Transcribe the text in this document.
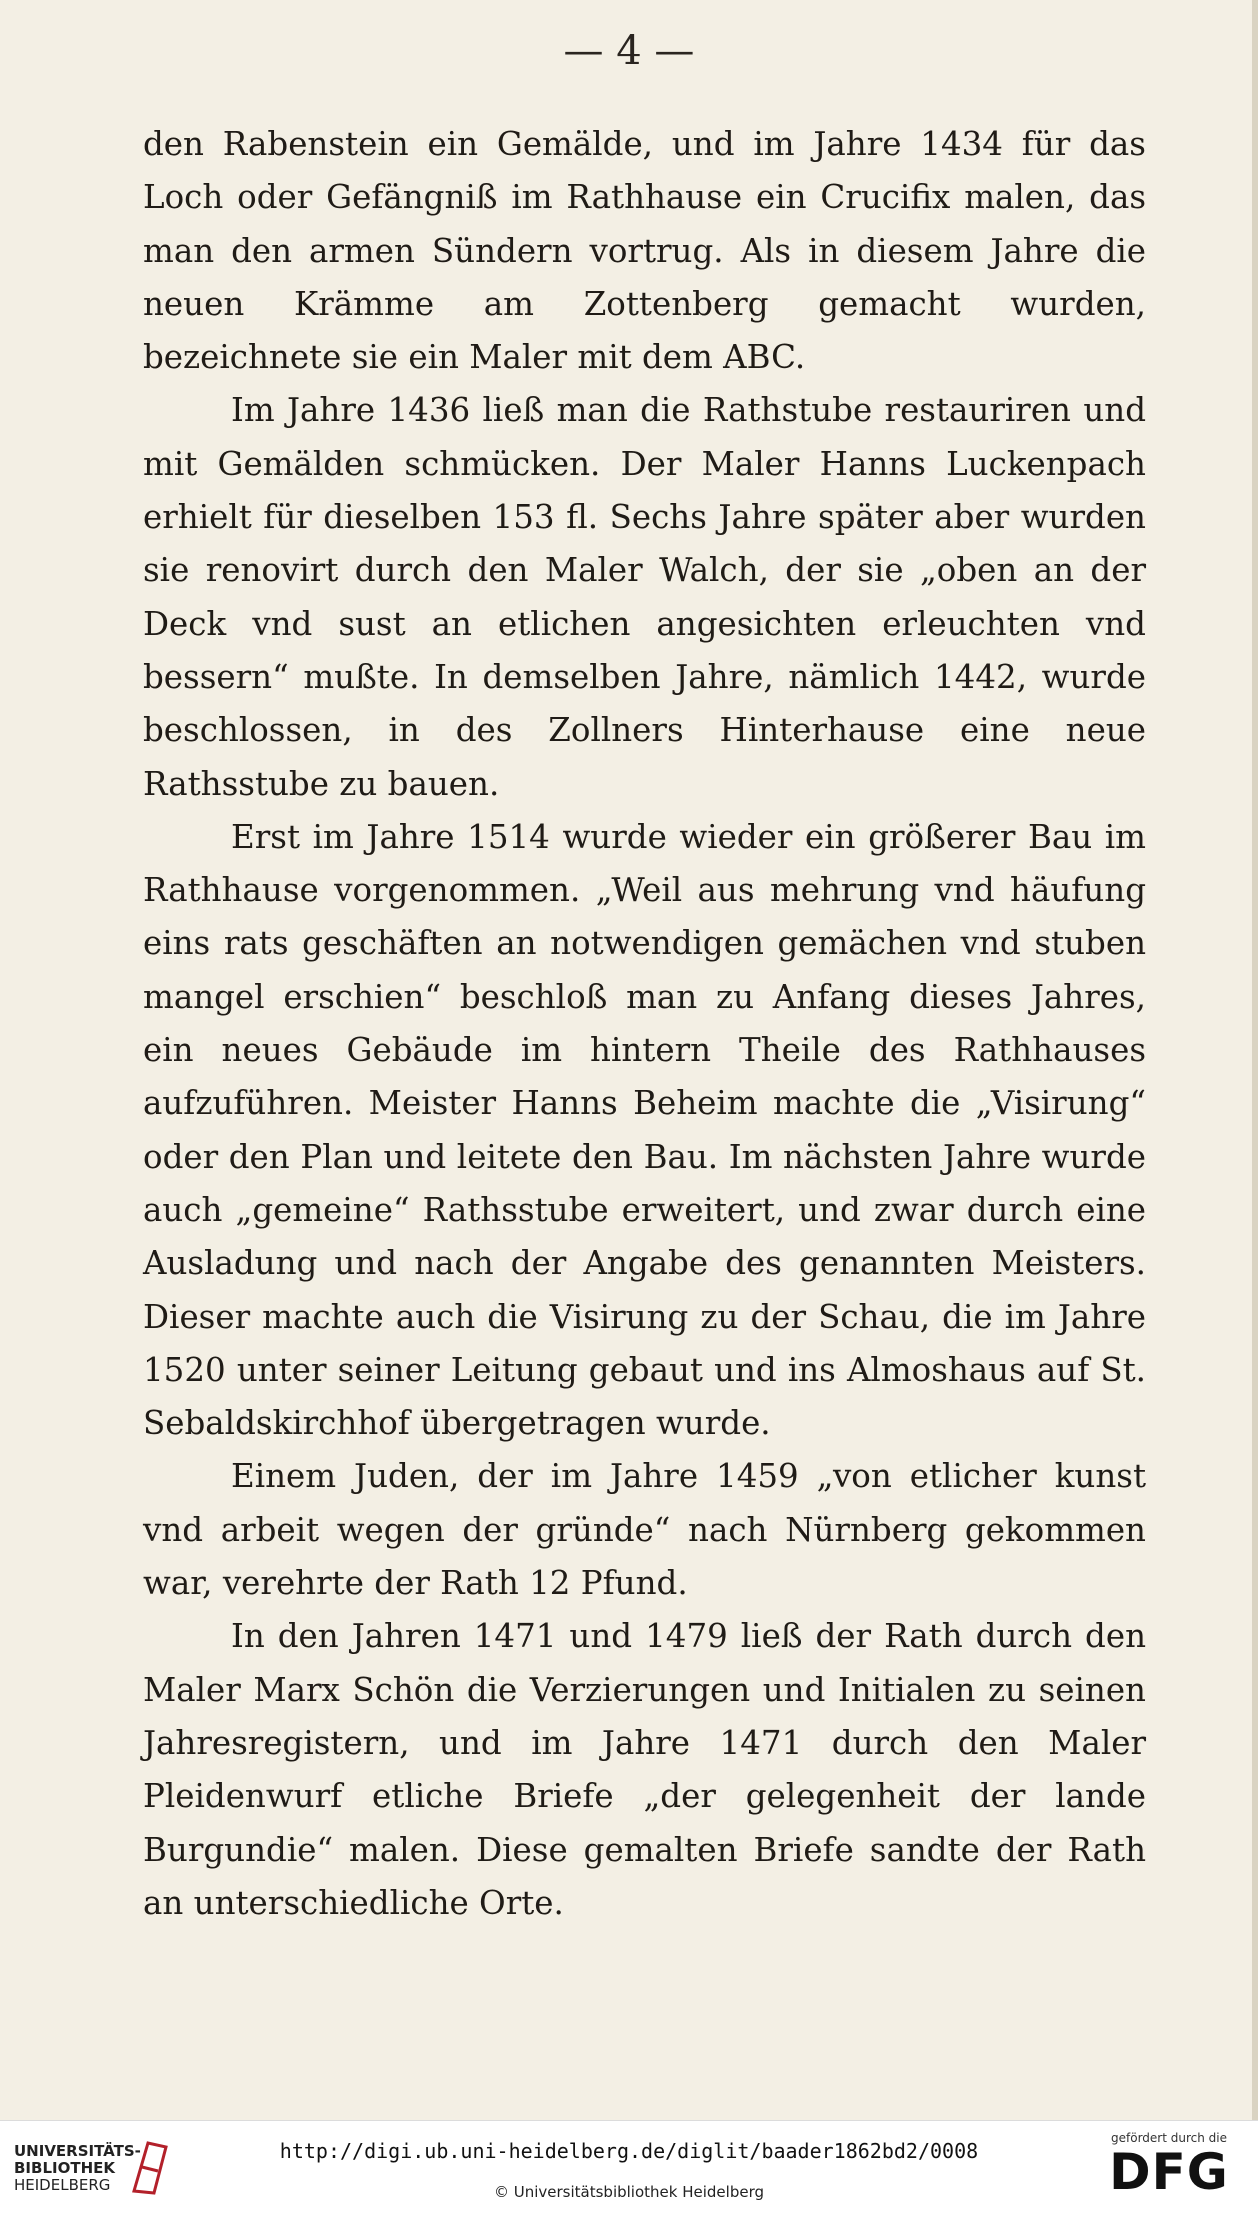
— 4 —

den Rabenstein ein Gemälde, und im Jahre 1434 für das Loch oder Gefängniß im Rathhause ein Crucifix malen, das man den armen Sündern vortrug. Als in diesem Jahre die neuen Krämme am Zottenberg gemacht wurden, bezeichnete sie ein Maler mit dem ABC.

Im Jahre 1436 ließ man die Rathstube restauriren und mit Gemälden schmücken. Der Maler Hanns Luckenpach erhielt für dieselben 153 fl. Sechs Jahre später aber wurden sie renovirt durch den Maler Walch, der sie „oben an der Deck vnd sust an etlichen angesichten erleuchten vnd bessern“ mußte. In demselben Jahre, nämlich 1442, wurde beschlossen, in des Zollners Hinterhause eine neue Rathsstube zu bauen.

Erst im Jahre 1514 wurde wieder ein größerer Bau im Rathhause vorgenommen. „Weil aus mehrung vnd häufung eins rats geschäften an notwendigen gemächen vnd stuben mangel erschien“ beschloß man zu Anfang dieses Jahres, ein neues Gebäude im hintern Theile des Rathhauses aufzuführen. Meister Hanns Beheim machte die „Visirung“ oder den Plan und leitete den Bau. Im nächsten Jahre wurde auch „gemeine“ Rathsstube erweitert, und zwar durch eine Ausladung und nach der Angabe des genannten Meisters. Dieser machte auch die Visirung zu der Schau, die im Jahre 1520 unter seiner Leitung gebaut und ins Almoshaus auf St. Sebaldskirchhof übergetragen wurde.

Einem Juden, der im Jahre 1459 „von etlicher kunst vnd arbeit wegen der gründe“ nach Nürnberg gekommen war, verehrte der Rath 12 Pfund.

In den Jahren 1471 und 1479 ließ der Rath durch den Maler Marx Schön die Verzierungen und Initialen zu seinen Jahresregistern, und im Jahre 1471 durch den Maler Pleidenwurf etliche Briefe „der gelegenheit der lande Burgundie“ malen. Diese gemalten Briefe sandte der Rath an unterschiedliche Orte.

UNIVERSITÄTS-
BIBLIOTHEK
HEIDELBERG
http://digi.ub.uni-heidelberg.de/diglit/baader1862bd2/0008
© Universitätsbibliothek Heidelberg
gefördert durch die
DFG
